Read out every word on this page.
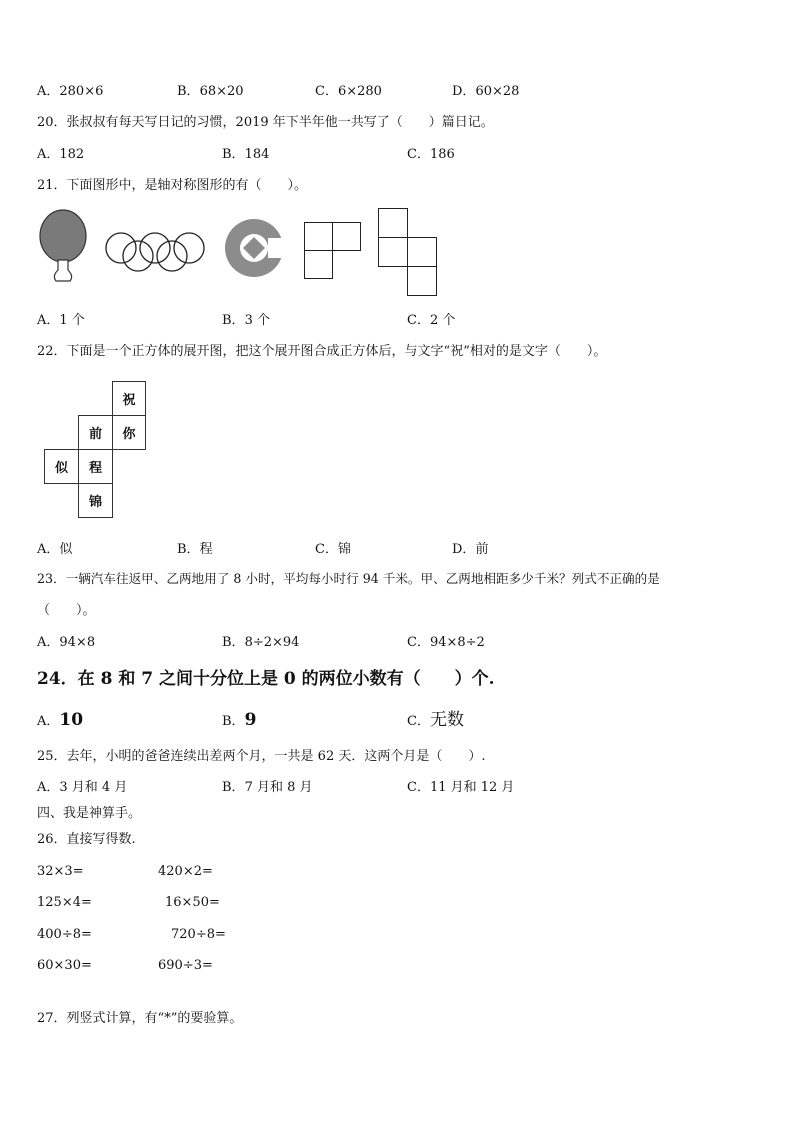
A．280×6	B．68×20	C．6×280	D．60×28
20．张叔叔有每天写日记的习惯，2019 年下半年他一共写了（　　）篇日记。
A．182	B．184	C．186
21．下面图形中，是轴对称图形的有（　　）。
A．1 个	B．3 个	C．2 个
22．下面是一个正方体的展开图，把这个展开图合成正方体后，与文字“祝”相对的是文字（　　）。
祝
前	你
似	程
锦
A．似	B．程	C．锦	D．前
23．一辆汽车往返甲、乙两地用了 8 小时，平均每小时行 94 千米。甲、乙两地相距多少千米？列式不正确的是
（　　）。
A．94×8	B．8÷2×94	C．94×8÷2
24．在 8 和 7 之间十分位上是 0 的两位小数有（　　）个.
A．10	B．9	C．无数
25．去年，小明的爸爸连续出差两个月，一共是 62 天．这两个月是（　　）.
A．3 月和 4 月	B．7 月和 8 月	C．11 月和 12 月
四、我是神算手。
26．直接写得数.
32×3=	420×2=
125×4=	16×50=
400÷8=	720÷8=
60×30=	690÷3=
27．列竖式计算，有“*”的要验算。
